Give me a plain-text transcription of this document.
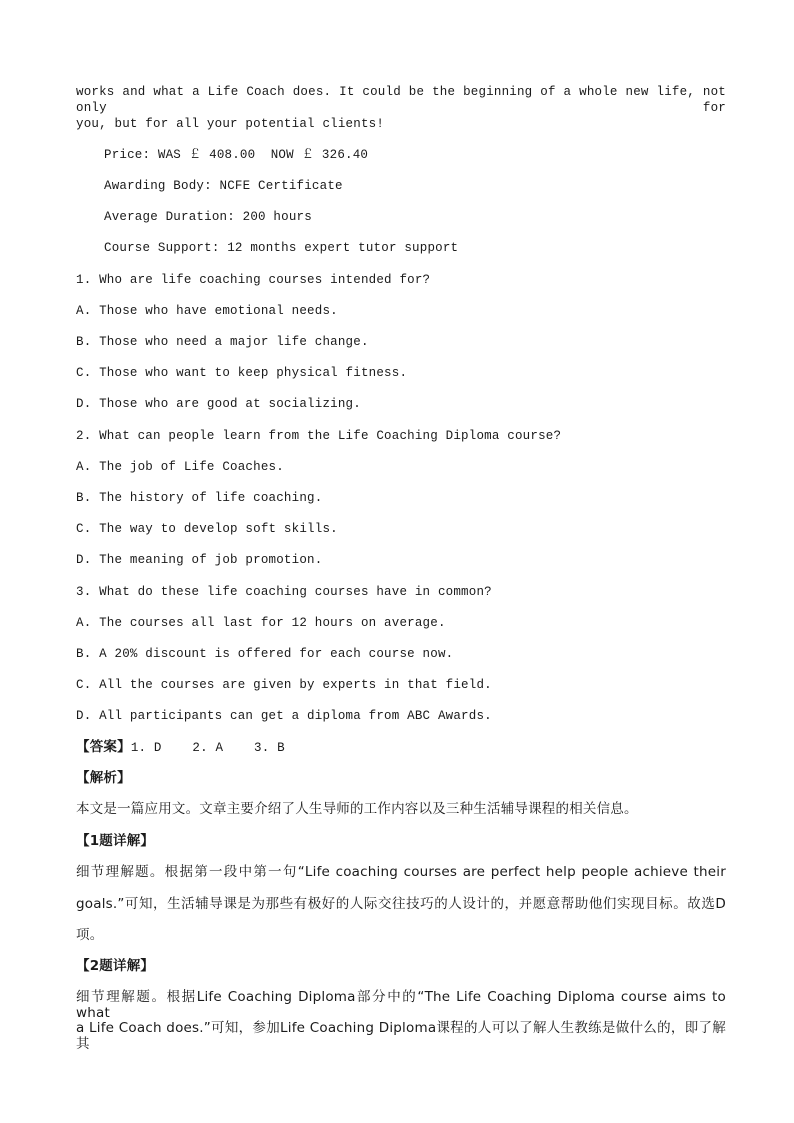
works and what a Life Coach does. It could be the beginning of a whole new life, not only for
you, but for all your potential clients!
Price: WAS ￡ 408.00  NOW ￡ 326.40
Awarding Body: NCFE Certificate
Average Duration: 200 hours
Course Support: 12 months expert tutor support
1. Who are life coaching courses intended for?
A. Those who have emotional needs.
B. Those who need a major life change.
C. Those who want to keep physical fitness.
D. Those who are good at socializing.
2. What can people learn from the Life Coaching Diploma course?
A. The job of Life Coaches.
B. The history of life coaching.
C. The way to develop soft skills.
D. The meaning of job promotion.
3. What do these life coaching courses have in common?
A. The courses all last for 12 hours on average.
B. A 20% discount is offered for each course now.
C. All the courses are given by experts in that field.
D. All participants can get a diploma from ABC Awards.
【答案】1. D    2. A    3. B
【解析】
本文是一篇应用文。文章主要介绍了人生导师的工作内容以及三种生活辅导课程的相关信息。
【1题详解】
细节理解题。根据第一段中第一句“Life coaching courses are perfect help people achieve their
goals.”可知，生活辅导课是为那些有极好的人际交往技巧的人设计的，并愿意帮助他们实现目标。故选D
项。
【2题详解】
细节理解题。根据Life Coaching Diploma部分中的“The Life Coaching Diploma course aims to what
a Life Coach does.”可知，参加Life Coaching Diploma课程的人可以了解人生教练是做什么的，即了解其
